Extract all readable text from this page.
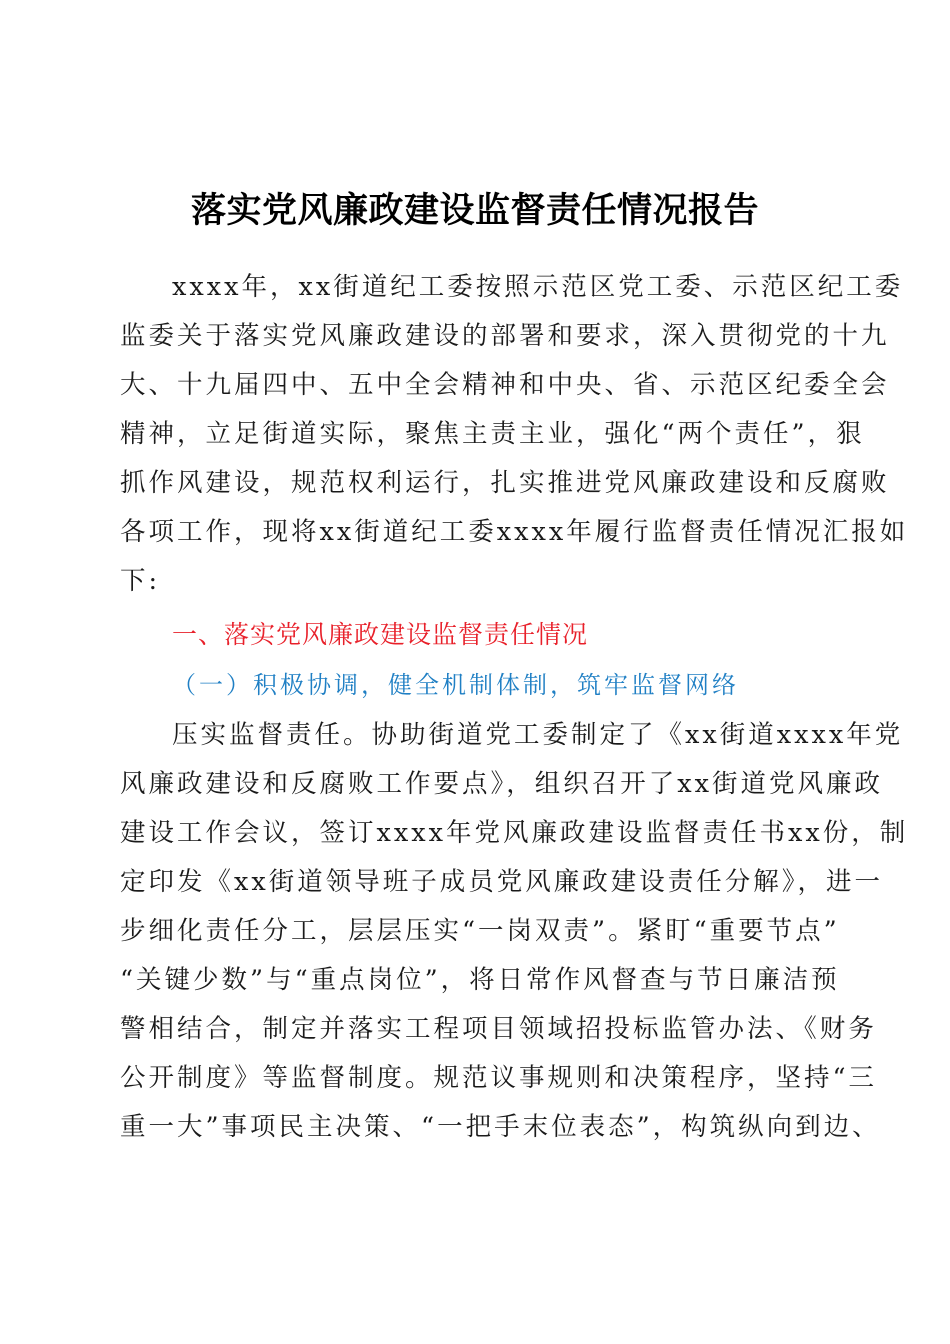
落实党风廉政建设监督责任情况报告
xxxx年，xx街道纪工委按照示范区党工委、示范区纪工委
监委关于落实党风廉政建设的部署和要求，深入贯彻党的十九
大、十九届四中、五中全会精神和中央、省、示范区纪委全会
精神，立足街道实际，聚焦主责主业，强化“两个责任”，狠
抓作风建设，规范权利运行，扎实推进党风廉政建设和反腐败
各项工作，现将xx街道纪工委xxxx年履行监督责任情况汇报如
下:
一、落实党风廉政建设监督责任情况
（一）积极协调，健全机制体制，筑牢监督网络
压实监督责任。协助街道党工委制定了《xx街道xxxx年党
风廉政建设和反腐败工作要点》，组织召开了xx街道党风廉政
建设工作会议，签订xxxx年党风廉政建设监督责任书xx份，制
定印发《xx街道领导班子成员党风廉政建设责任分解》，进一
步细化责任分工，层层压实“一岗双责”。紧盯“重要节点”
“关键少数”与“重点岗位”，将日常作风督查与节日廉洁预
警相结合，制定并落实工程项目领域招投标监管办法、《财务
公开制度》等监督制度。规范议事规则和决策程序，坚持“三
重一大”事项民主决策、“一把手末位表态”，构筑纵向到边、
